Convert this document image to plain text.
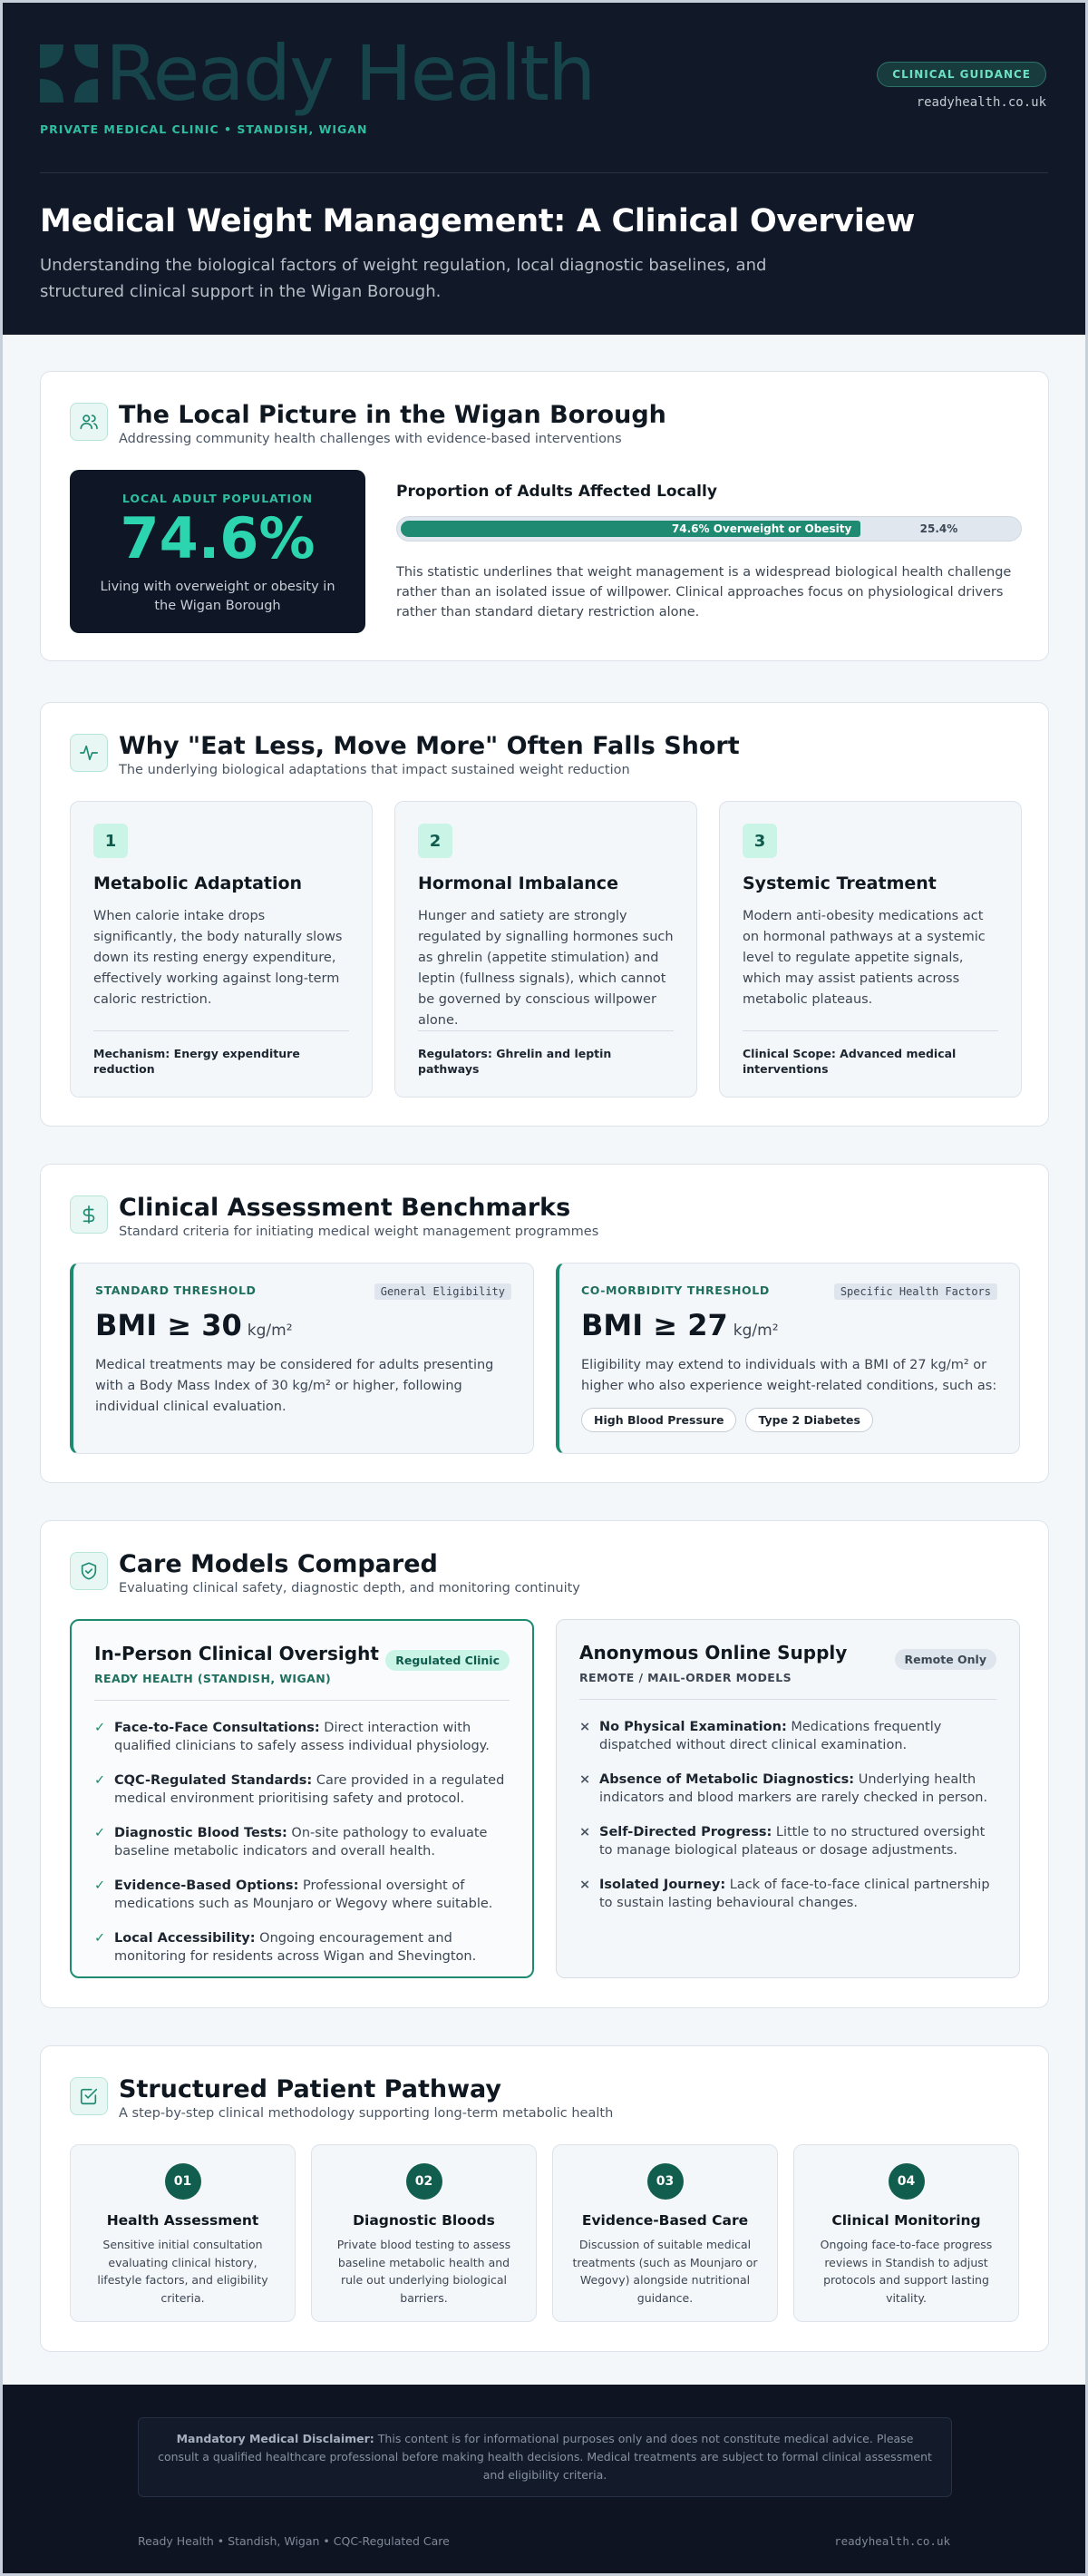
Ready Health
PRIVATE MEDICAL CLINIC • STANDISH, WIGAN
CLINICAL GUIDANCE
readyhealth.co.uk
Medical Weight Management: A Clinical Overview

Understanding the biological factors of weight regulation, local diagnostic baselines, and structured clinical support in the Wigan Borough.

The Local Picture in the Wigan Borough

Addressing community health challenges with evidence-based interventions

LOCAL ADULT POPULATION
74.6%
Living with overweight or obesity in the Wigan Borough
Proportion of Adults Affected Locally
74.6% Overweight or Obesity	25.4%

This statistic underlines that weight management is a widespread biological health challenge rather than an isolated issue of willpower. Clinical approaches focus on physiological drivers rather than standard dietary restriction alone.

Why "Eat Less, Move More" Often Falls Short

The underlying biological adaptations that impact sustained weight reduction

1
Metabolic Adaptation

When calorie intake drops significantly, the body naturally slows down its resting energy expenditure, effectively working against long-term caloric restriction.

Mechanism: Energy expenditure reduction
2
Hormonal Imbalance

Hunger and satiety are strongly regulated by signalling hormones such as ghrelin (appetite stimulation) and leptin (fullness signals), which cannot be governed by conscious willpower alone.

Regulators: Ghrelin and leptin pathways
3
Systemic Treatment

Modern anti-obesity medications act on hormonal pathways at a systemic level to regulate appetite signals, which may assist patients across metabolic plateaus.

Clinical Scope: Advanced medical interventions
Clinical Assessment Benchmarks

Standard criteria for initiating medical weight management programmes

STANDARD THRESHOLD	General Eligibility
BMI ≥ 30 kg/m²

Medical treatments may be considered for adults presenting with a Body Mass Index of 30 kg/m² or higher, following individual clinical evaluation.

CO-MORBIDITY THRESHOLD	Specific Health Factors
BMI ≥ 27 kg/m²

Eligibility may extend to individuals with a BMI of 27 kg/m² or higher who also experience weight-related conditions, such as:

High Blood Pressure	Type 2 Diabetes
Care Models Compared

Evaluating clinical safety, diagnostic depth, and monitoring continuity

In-Person Clinical Oversight
READY HEALTH (STANDISH, WIGAN)
Regulated Clinic
✓ Face-to-Face Consultations: Direct interaction with qualified clinicians to safely assess individual physiology.
✓ CQC-Regulated Standards: Care provided in a regulated medical environment prioritising safety and protocol.
✓ Diagnostic Blood Tests: On-site pathology to evaluate baseline metabolic indicators and overall health.
✓ Evidence-Based Options: Professional oversight of medications such as Mounjaro or Wegovy where suitable.
✓ Local Accessibility: Ongoing encouragement and monitoring for residents across Wigan and Shevington.
Anonymous Online Supply
REMOTE / MAIL-ORDER MODELS
Remote Only
× No Physical Examination: Medications frequently dispatched without direct clinical examination.
× Absence of Metabolic Diagnostics: Underlying health indicators and blood markers are rarely checked in person.
× Self-Directed Progress: Little to no structured oversight to manage biological plateaus or dosage adjustments.
× Isolated Journey: Lack of face-to-face clinical partnership to sustain lasting behavioural changes.
Structured Patient Pathway

A step-by-step clinical methodology supporting long-term metabolic health

01
Health Assessment

Sensitive initial consultation evaluating clinical history, lifestyle factors, and eligibility criteria.

02
Diagnostic Bloods

Private blood testing to assess baseline metabolic health and rule out underlying biological barriers.

03
Evidence-Based Care

Discussion of suitable medical treatments (such as Mounjaro or Wegovy) alongside nutritional guidance.

04
Clinical Monitoring

Ongoing face-to-face progress reviews in Standish to adjust protocols and support lasting vitality.

Mandatory Medical Disclaimer: This content is for informational purposes only and does not constitute medical advice. Please consult a qualified healthcare professional before making health decisions. Medical treatments are subject to formal clinical assessment and eligibility criteria.
Ready Health • Standish, Wigan • CQC-Regulated Care	readyhealth.co.uk
